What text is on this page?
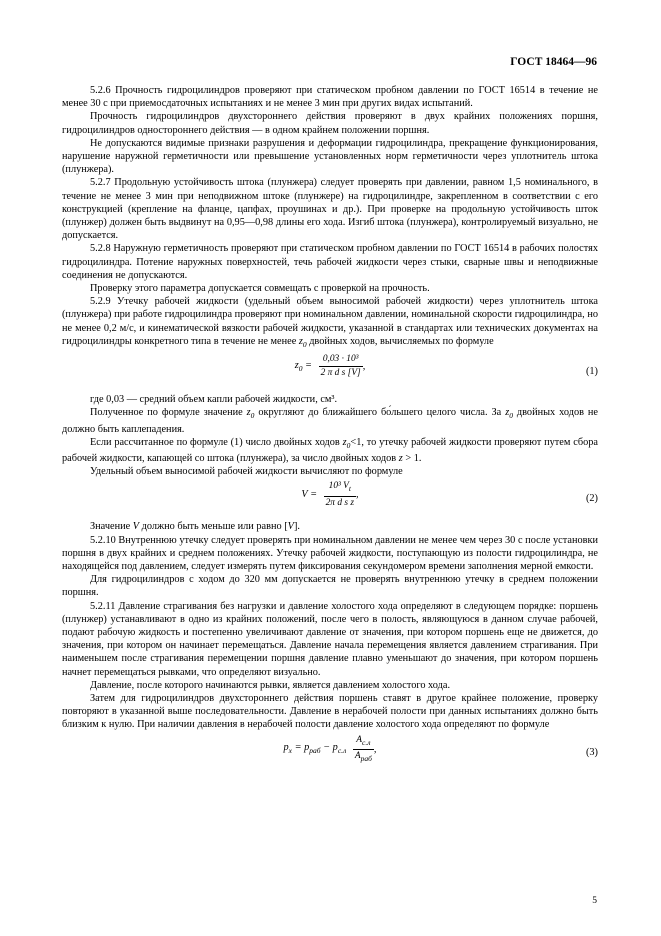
ГОСТ 18464—96

5.2.6 Прочность гидроцилиндров проверяют при статическом пробном давлении по ГОСТ 16514 в течение не менее 30 с при приемосдаточных испытаниях и не менее 3 мин при других видах испытаний.

Прочность гидроцилиндров двухстороннего действия проверяют в двух крайних положениях поршня, гидроцилиндров одностороннего действия — в одном крайнем положении поршня.

Не допускаются видимые признаки разрушения и деформации гидроцилиндра, прекращение функционирования, нарушение наружной герметичности или превышение установленных норм герметичности через уплотнитель штока (плунжера).

5.2.7 Продольную устойчивость штока (плунжера) следует проверять при давлении, равном 1,5 номинального, в течение не менее 3 мин при неподвижном штоке (плунжере) на гидроцилиндре, закрепленном в соответствии с его конструкцией (крепление на фланце, цапфах, проушинах и др.). При проверке на продольную устойчивость шток (плунжер) должен быть выдвинут на 0,95—0,98 длины его хода. Изгиб штока (плунжера), контролируемый визуально, не допускается.

5.2.8 Наружную герметичность проверяют при статическом пробном давлении по ГОСТ 16514 в рабочих полостях гидроцилиндра. Потение наружных поверхностей, течь рабочей жидкости через стыки, сварные швы и неподвижные соединения не допускаются.

Проверку этого параметра допускается совмещать с проверкой на прочность.

5.2.9 Утечку рабочей жидкости (удельный объем выносимой рабочей жидкости) через уплотнитель штока (плунжера) при работе гидроцилиндра проверяют при номинальном давлении, номинальной скорости гидроцилиндра, но не менее 0,2 м/с, и кинематической вязкости рабочей жидкости, указанной в стандартах или технических документах на гидроцилиндры конкретного типа в течение не менее $z_0$ двойных ходов, вычисляемых по формуле

$z_0 = \frac{\text{0,03 · 10³}}{\text{2 π d s [V]}}$ ,	(1)

где 0,03 — средний объем капли рабочей жидкости, см³.

Полученное по формуле значение $z_0$ округляют до ближайшего бо́льшего целого числа. За $z_0$ двойных ходов не должно быть каплепадения.

Если рассчитанное по формуле (1) число двойных ходов $z_0<1$, то утечку рабочей жидкости проверяют путем сбора рабочей жидкости, капающей со штока (плунжера), за число двойных ходов z > 1.

Удельный объем выносимой рабочей жидкости вычисляют по формуле

$V = \frac{10^3 V_t}{\text{2π d s z}}$ ,	(2)

Значение V должно быть меньше или равно [V].

5.2.10 Внутреннюю утечку следует проверять при номинальном давлении не менее чем через 30 с после установки поршня в двух крайних и среднем положениях. Утечку рабочей жидкости, поступающую из полости гидроцилиндра, не находящейся под давлением, следует измерять путем фиксирования секундомером времени заполнения мерной емкости.

Для гидроцилиндров с ходом до 320 мм допускается не проверять внутреннюю утечку в среднем положении поршня.

5.2.11 Давление страгивания без нагрузки и давление холостого хода определяют в следующем порядке: поршень (плунжер) устанавливают в одно из крайних положений, после чего в полость, являющуюся в данном случае рабочей, подают рабочую жидкость и постепенно увеличивают давление от значения, при котором поршень еще не движется, до значения, при котором он начинает перемещаться. Давление начала перемещения является давлением страгивания. При наименьшем после страгивания перемещении поршня давление плавно уменьшают до значения, при котором поршень начнет перемещаться рывками, что определяют визуально.

Давление, после которого начинаются рывки, является давлением холостого хода.

Затем для гидроцилиндров двухстороннего действия поршень ставят в другое крайнее положение, проверку повторяют в указанной выше последовательности. Давление в нерабочей полости при данных испытаниях должно быть близким к нулю. При наличии давления в нерабочей полости давление холостого хода определяют по формуле

$p_x = p_{раб} - p_{с.л} \frac{A_{с.л}}{A_{раб}}$ ,	(3)
5
